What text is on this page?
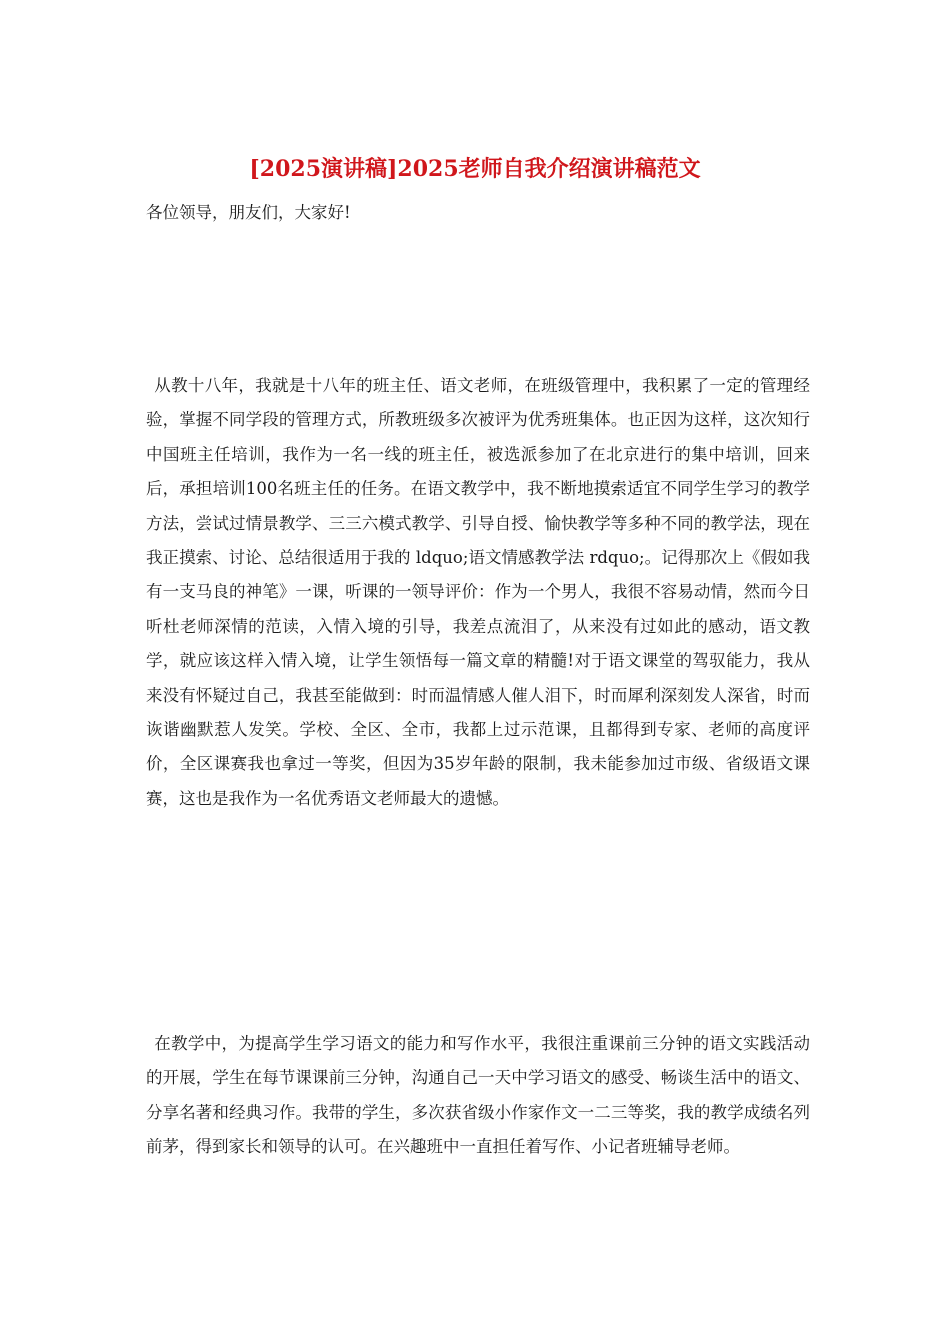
[2025演讲稿]2025老师自我介绍演讲稿范文

各位领导，朋友们，大家好!

从教十八年，我就是十八年的班主任、语文老师，在班级管理中，我积累了一定的管理经验，掌握不同学段的管理方式，所教班级多次被评为优秀班集体。也正因为这样，这次知行中国班主任培训，我作为一名一线的班主任，被选派参加了在北京进行的集中培训，回来后，承担培训100名班主任的任务。在语文教学中，我不断地摸索适宜不同学生学习的教学方法，尝试过情景教学、三三六模式教学、引导自授、愉快教学等多种不同的教学法，现在我正摸索、讨论、总结很适用于我的 ldquo;语文情感教学法 rdquo;。记得那次上《假如我有一支马良的神笔》一课，听课的一领导评价：作为一个男人，我很不容易动情，然而今日听杜老师深情的范读，入情入境的引导，我差点流泪了，从来没有过如此的感动，语文教学，就应该这样入情入境，让学生领悟每一篇文章的精髓!对于语文课堂的驾驭能力，我从来没有怀疑过自己，我甚至能做到：时而温情感人催人泪下，时而犀利深刻发人深省，时而诙谐幽默惹人发笑。学校、全区、全市，我都上过示范课，且都得到专家、老师的高度评价，全区课赛我也拿过一等奖，但因为35岁年龄的限制，我未能参加过市级、省级语文课赛，这也是我作为一名优秀语文老师最大的遗憾。

在教学中，为提高学生学习语文的能力和写作水平，我很注重课前三分钟的语文实践活动的开展，学生在每节课课前三分钟，沟通自己一天中学习语文的感受、畅谈生活中的语文、分享名著和经典习作。我带的学生，多次获省级小作家作文一二三等奖，我的教学成绩名列前茅，得到家长和领导的认可。在兴趣班中一直担任着写作、小记者班辅导老师。
